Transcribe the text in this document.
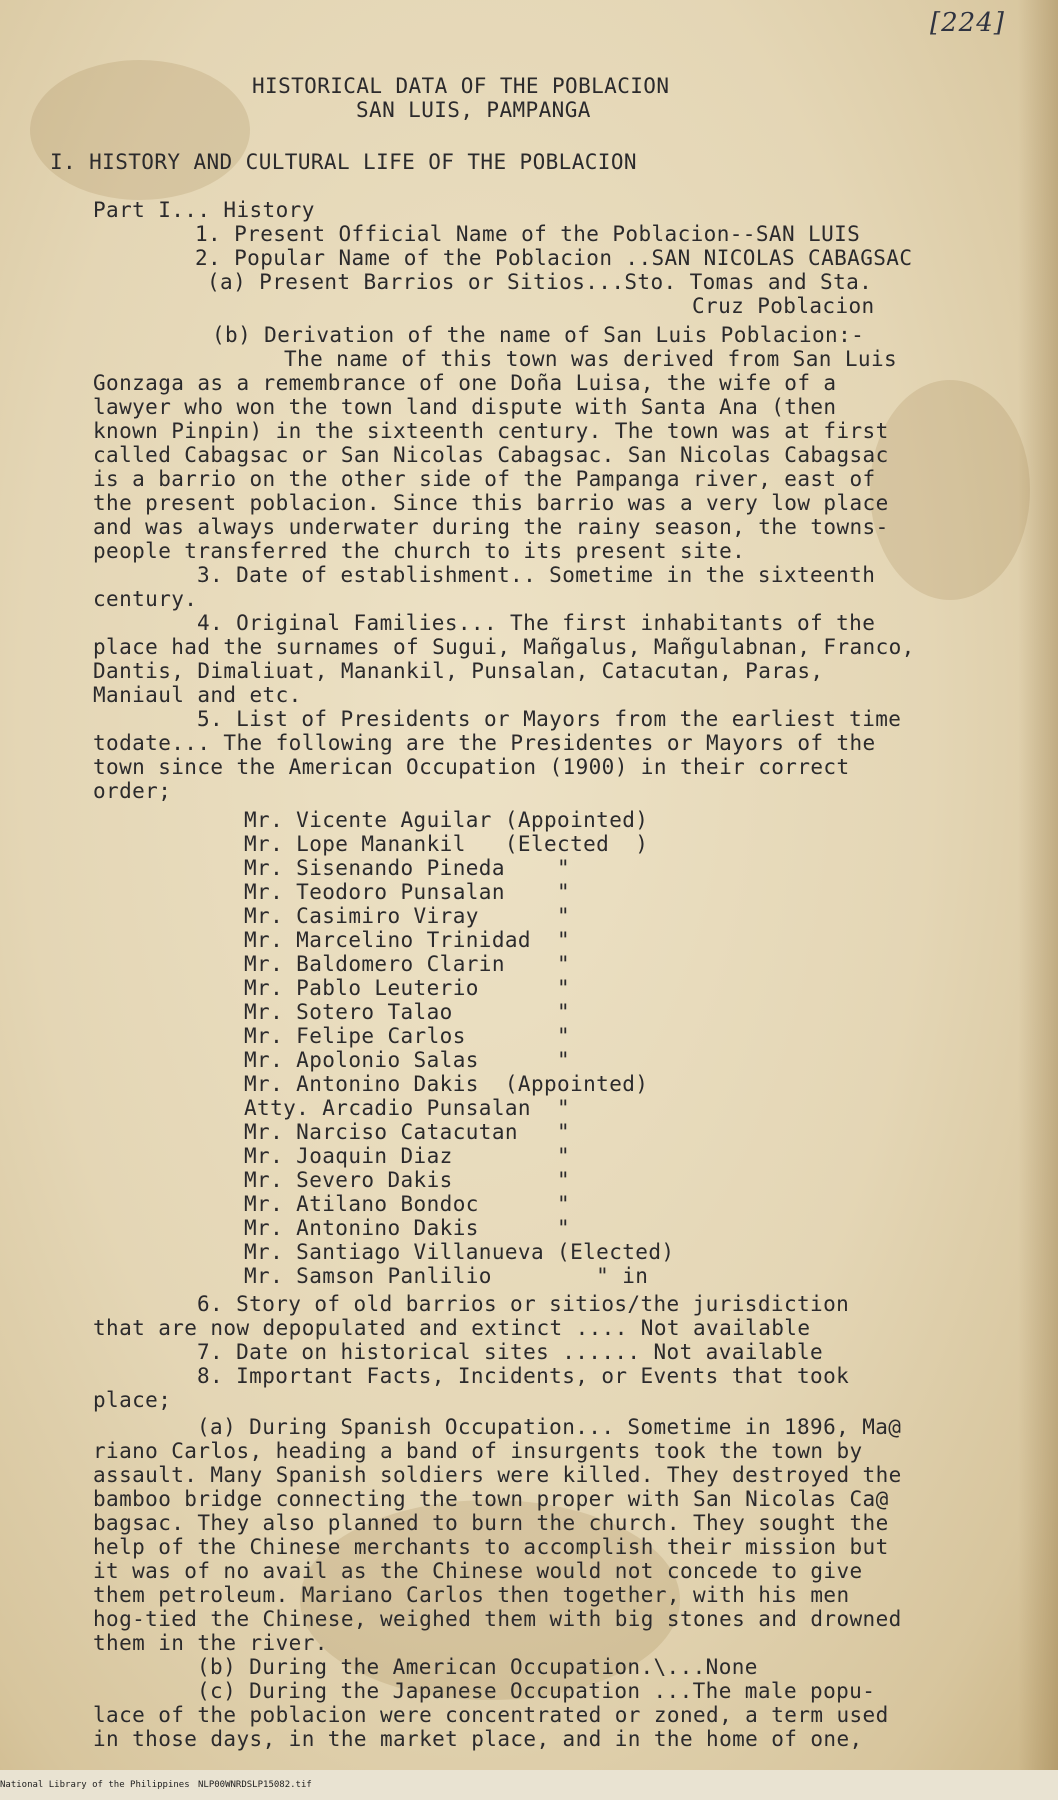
[224]
HISTORICAL DATA OF THE POBLACION
SAN LUIS, PAMPANGA
I. HISTORY AND CULTURAL LIFE OF THE POBLACION
Part I... History
1. Present Official Name of the Poblacion--SAN LUIS
2. Popular Name of the Poblacion ..SAN NICOLAS CABAGSAC
(a) Present Barrios or Sitios...Sto. Tomas and Sta.
Cruz Poblacion
(b) Derivation of the name of San Luis Poblacion:-
The name of this town was derived from San Luis
Gonzaga as a remembrance of one Doña Luisa, the wife of a
lawyer who won the town land dispute with Santa Ana (then
known Pinpin) in the sixteenth century. The town was at first
called Cabagsac or San Nicolas Cabagsac. San Nicolas Cabagsac
is a barrio on the other side of the Pampanga river, east of
the present poblacion. Since this barrio was a very low place
and was always underwater during the rainy season, the towns-
people transferred the church to its present site.
3. Date of establishment.. Sometime in the sixteenth
century.
4. Original Families... The first inhabitants of the
place had the surnames of Sugui, Mañgalus, Mañgulabnan, Franco,
Dantis, Dimaliuat, Manankil, Punsalan, Catacutan, Paras,
Maniaul and etc.
5. List of Presidents or Mayors from the earliest time
todate... The following are the Presidentes or Mayors of the
town since the American Occupation (1900) in their correct
order;
Mr. Vicente Aguilar (Appointed)
Mr. Lope Manankil   (Elected  )
Mr. Sisenando Pineda    "
Mr. Teodoro Punsalan    "
Mr. Casimiro Viray      "
Mr. Marcelino Trinidad  "
Mr. Baldomero Clarin    "
Mr. Pablo Leuterio      "
Mr. Sotero Talao        "
Mr. Felipe Carlos       "
Mr. Apolonio Salas      "
Mr. Antonino Dakis  (Appointed)
Atty. Arcadio Punsalan  "
Mr. Narciso Catacutan   "
Mr. Joaquin Diaz        "
Mr. Severo Dakis        "
Mr. Atilano Bondoc      "
Mr. Antonino Dakis      "
Mr. Santiago Villanueva (Elected)
Mr. Samson Panlilio        " in
6. Story of old barrios or sitios/the jurisdiction
that are now depopulated and extinct .... Not available
7. Date on historical sites ...... Not available
8. Important Facts, Incidents, or Events that took
place;
(a) During Spanish Occupation... Sometime in 1896, Ma@
riano Carlos, heading a band of insurgents took the town by
assault. Many Spanish soldiers were killed. They destroyed the
bamboo bridge connecting the town proper with San Nicolas Ca@
bagsac. They also planned to burn the church. They sought the
help of the Chinese merchants to accomplish their mission but
it was of no avail as the Chinese would not concede to give
them petroleum. Mariano Carlos then together, with his men
hog-tied the Chinese, weighed them with big stones and drowned
them in the river.
(b) During the American Occupation.\...None
(c) During the Japanese Occupation ...The male popu-
lace of the poblacion were concentrated or zoned, a term used
in those days, in the market place, and in the home of one,
National Library of the Philippines NLP00WNRDSLP15082.tif
